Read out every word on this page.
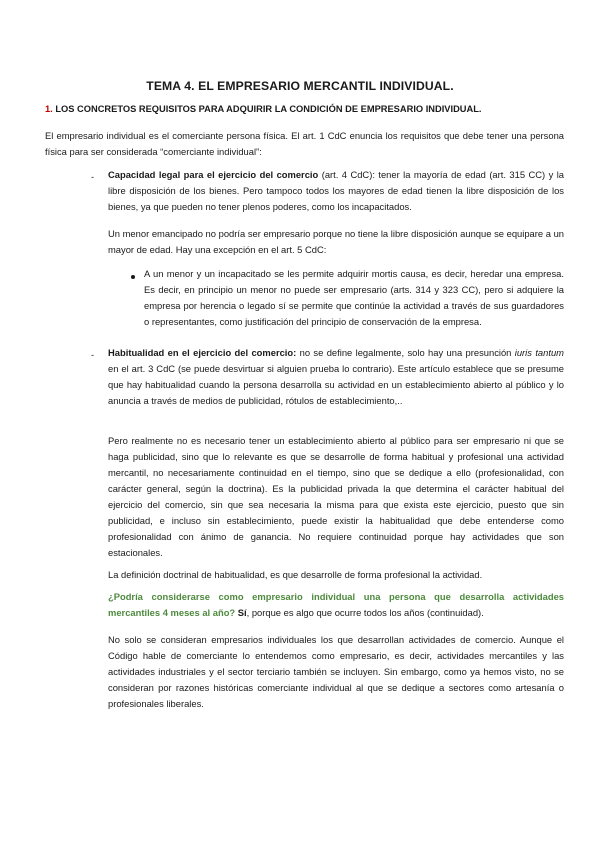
TEMA 4. EL EMPRESARIO MERCANTIL INDIVIDUAL.
1. LOS CONCRETOS REQUISITOS PARA ADQUIRIR LA CONDICIÓN DE EMPRESARIO INDIVIDUAL.

El empresario individual es el comerciante persona física. El art. 1 CdC enuncia los requisitos que debe tener una persona física para ser considerada “comerciante individual”:

- Capacidad legal para el ejercicio del comercio (art. 4 CdC): tener la mayoría de edad (art. 315 CC) y la libre disposición de los bienes. Pero tampoco todos los mayores de edad tienen la libre disposición de los bienes, ya que pueden no tener plenos poderes, como los incapacitados.

Un menor emancipado no podría ser empresario porque no tiene la libre disposición aunque se equipare a un mayor de edad. Hay una excepción en el art. 5 CdC:

A un menor y un incapacitado se les permite adquirir mortis causa, es decir, heredar una empresa. Es decir, en principio un menor no puede ser empresario (arts. 314 y 323 CC), pero si adquiere la empresa por herencia o legado sí se permite que continúe la actividad a través de sus guardadores o representantes, como justificación del principio de conservación de la empresa.

- Habitualidad en el ejercicio del comercio: no se define legalmente, solo hay una presunción iuris tantum en el art. 3 CdC (se puede desvirtuar si alguien prueba lo contrario). Este artículo establece que se presume que hay habitualidad cuando la persona desarrolla su actividad en un establecimiento abierto al público y lo anuncia a través de medios de publicidad, rótulos de establecimiento,..

Pero realmente no es necesario tener un establecimiento abierto al público para ser empresario ni que se haga publicidad, sino que lo relevante es que se desarrolle de forma habitual y profesional una actividad mercantil, no necesariamente continuidad en el tiempo, sino que se dedique a ello (profesionalidad, con carácter general, según la doctrina). Es la publicidad privada la que determina el carácter habitual del ejercicio del comercio, sin que sea necesaria la misma para que exista este ejercicio, puesto que sin publicidad, e incluso sin establecimiento, puede existir la habitualidad que debe entenderse como profesionalidad con ánimo de ganancia. No requiere continuidad porque hay actividades que son estacionales.

La definición doctrinal de habitualidad, es que desarrolle de forma profesional la actividad.

¿Podría considerarse como empresario individual una persona que desarrolla actividades mercantiles 4 meses al año? Sí, porque es algo que ocurre todos los años (continuidad).

No solo se consideran empresarios individuales los que desarrollan actividades de comercio. Aunque el Código hable de comerciante lo entendemos como empresario, es decir, actividades mercantiles y las actividades industriales y el sector terciario también se incluyen. Sin embargo, como ya hemos visto, no se consideran por razones históricas comerciante individual al que se dedique a sectores como artesanía o profesionales liberales.
